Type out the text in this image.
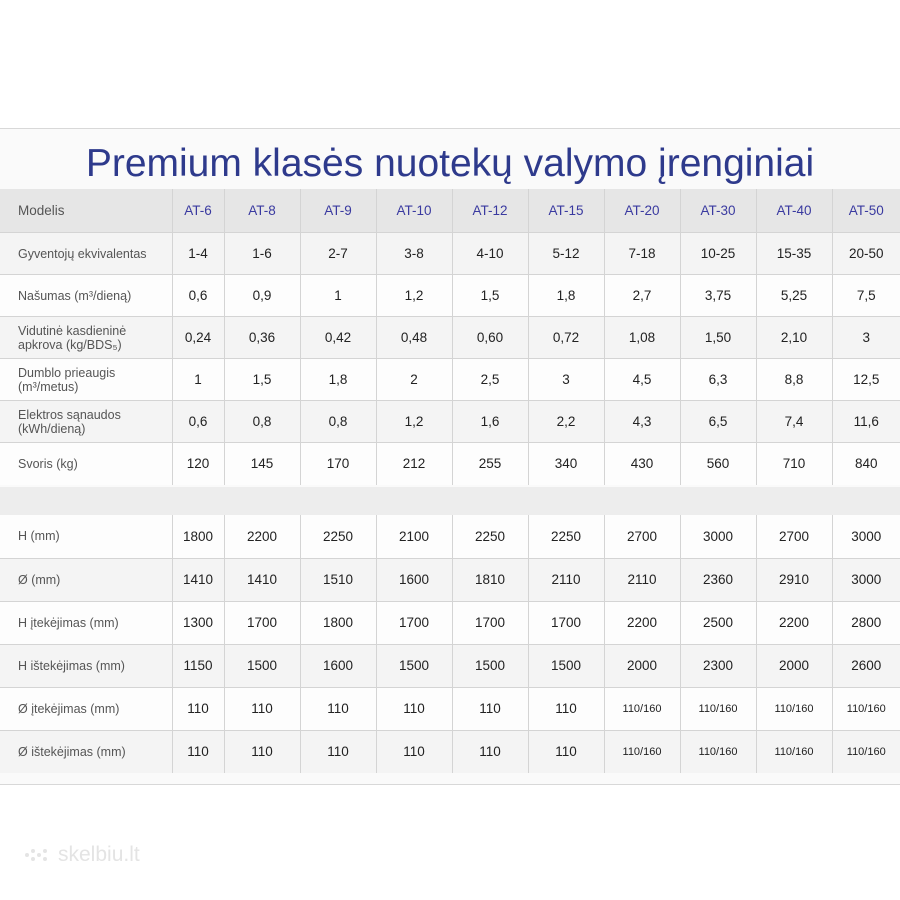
Premium klasės nuotekų valymo įrenginiai
Modelis	AT-6	AT-8	AT-9	AT-10	AT-12	AT-15	AT-20	AT-30	AT-40	AT-50

Gyventojų ekvivalentas	1-4	1-6	2-7	3-8	4-10	5-12	7-18	10-25	15-35	20-50

Našumas (m³/dieną)	0,6	0,9	1	1,2	1,5	1,8	2,7	3,75	5,25	7,5

Vidutinė kasdieninė
apkrova (kg/BDS₅)	0,24	0,36	0,42	0,48	0,60	0,72	1,08	1,50	2,10	3

Dumblo prieaugis
(m³/metus)	1	1,5	1,8	2	2,5	3	4,5	6,3	8,8	12,5

Elektros sąnaudos
(kWh/dieną)	0,6	0,8	0,8	1,2	1,6	2,2	4,3	6,5	7,4	11,6

Svoris (kg)	120	145	170	212	255	340	430	560	710	840
H (mm)	1800	2200	2250	2100	2250	2250	2700	3000	2700	3000

Ø (mm)	1410	1410	1510	1600	1810	2110	2110	2360	2910	3000

H įtekėjimas (mm)	1300	1700	1800	1700	1700	1700	2200	2500	2200	2800

H ištekėjimas (mm)	1150	1500	1600	1500	1500	1500	2000	2300	2000	2600

Ø įtekėjimas (mm)	110	110	110	110	110	110	110/160	110/160	110/160	110/160

Ø ištekėjimas (mm)	110	110	110	110	110	110	110/160	110/160	110/160	110/160
skelbiu.lt
